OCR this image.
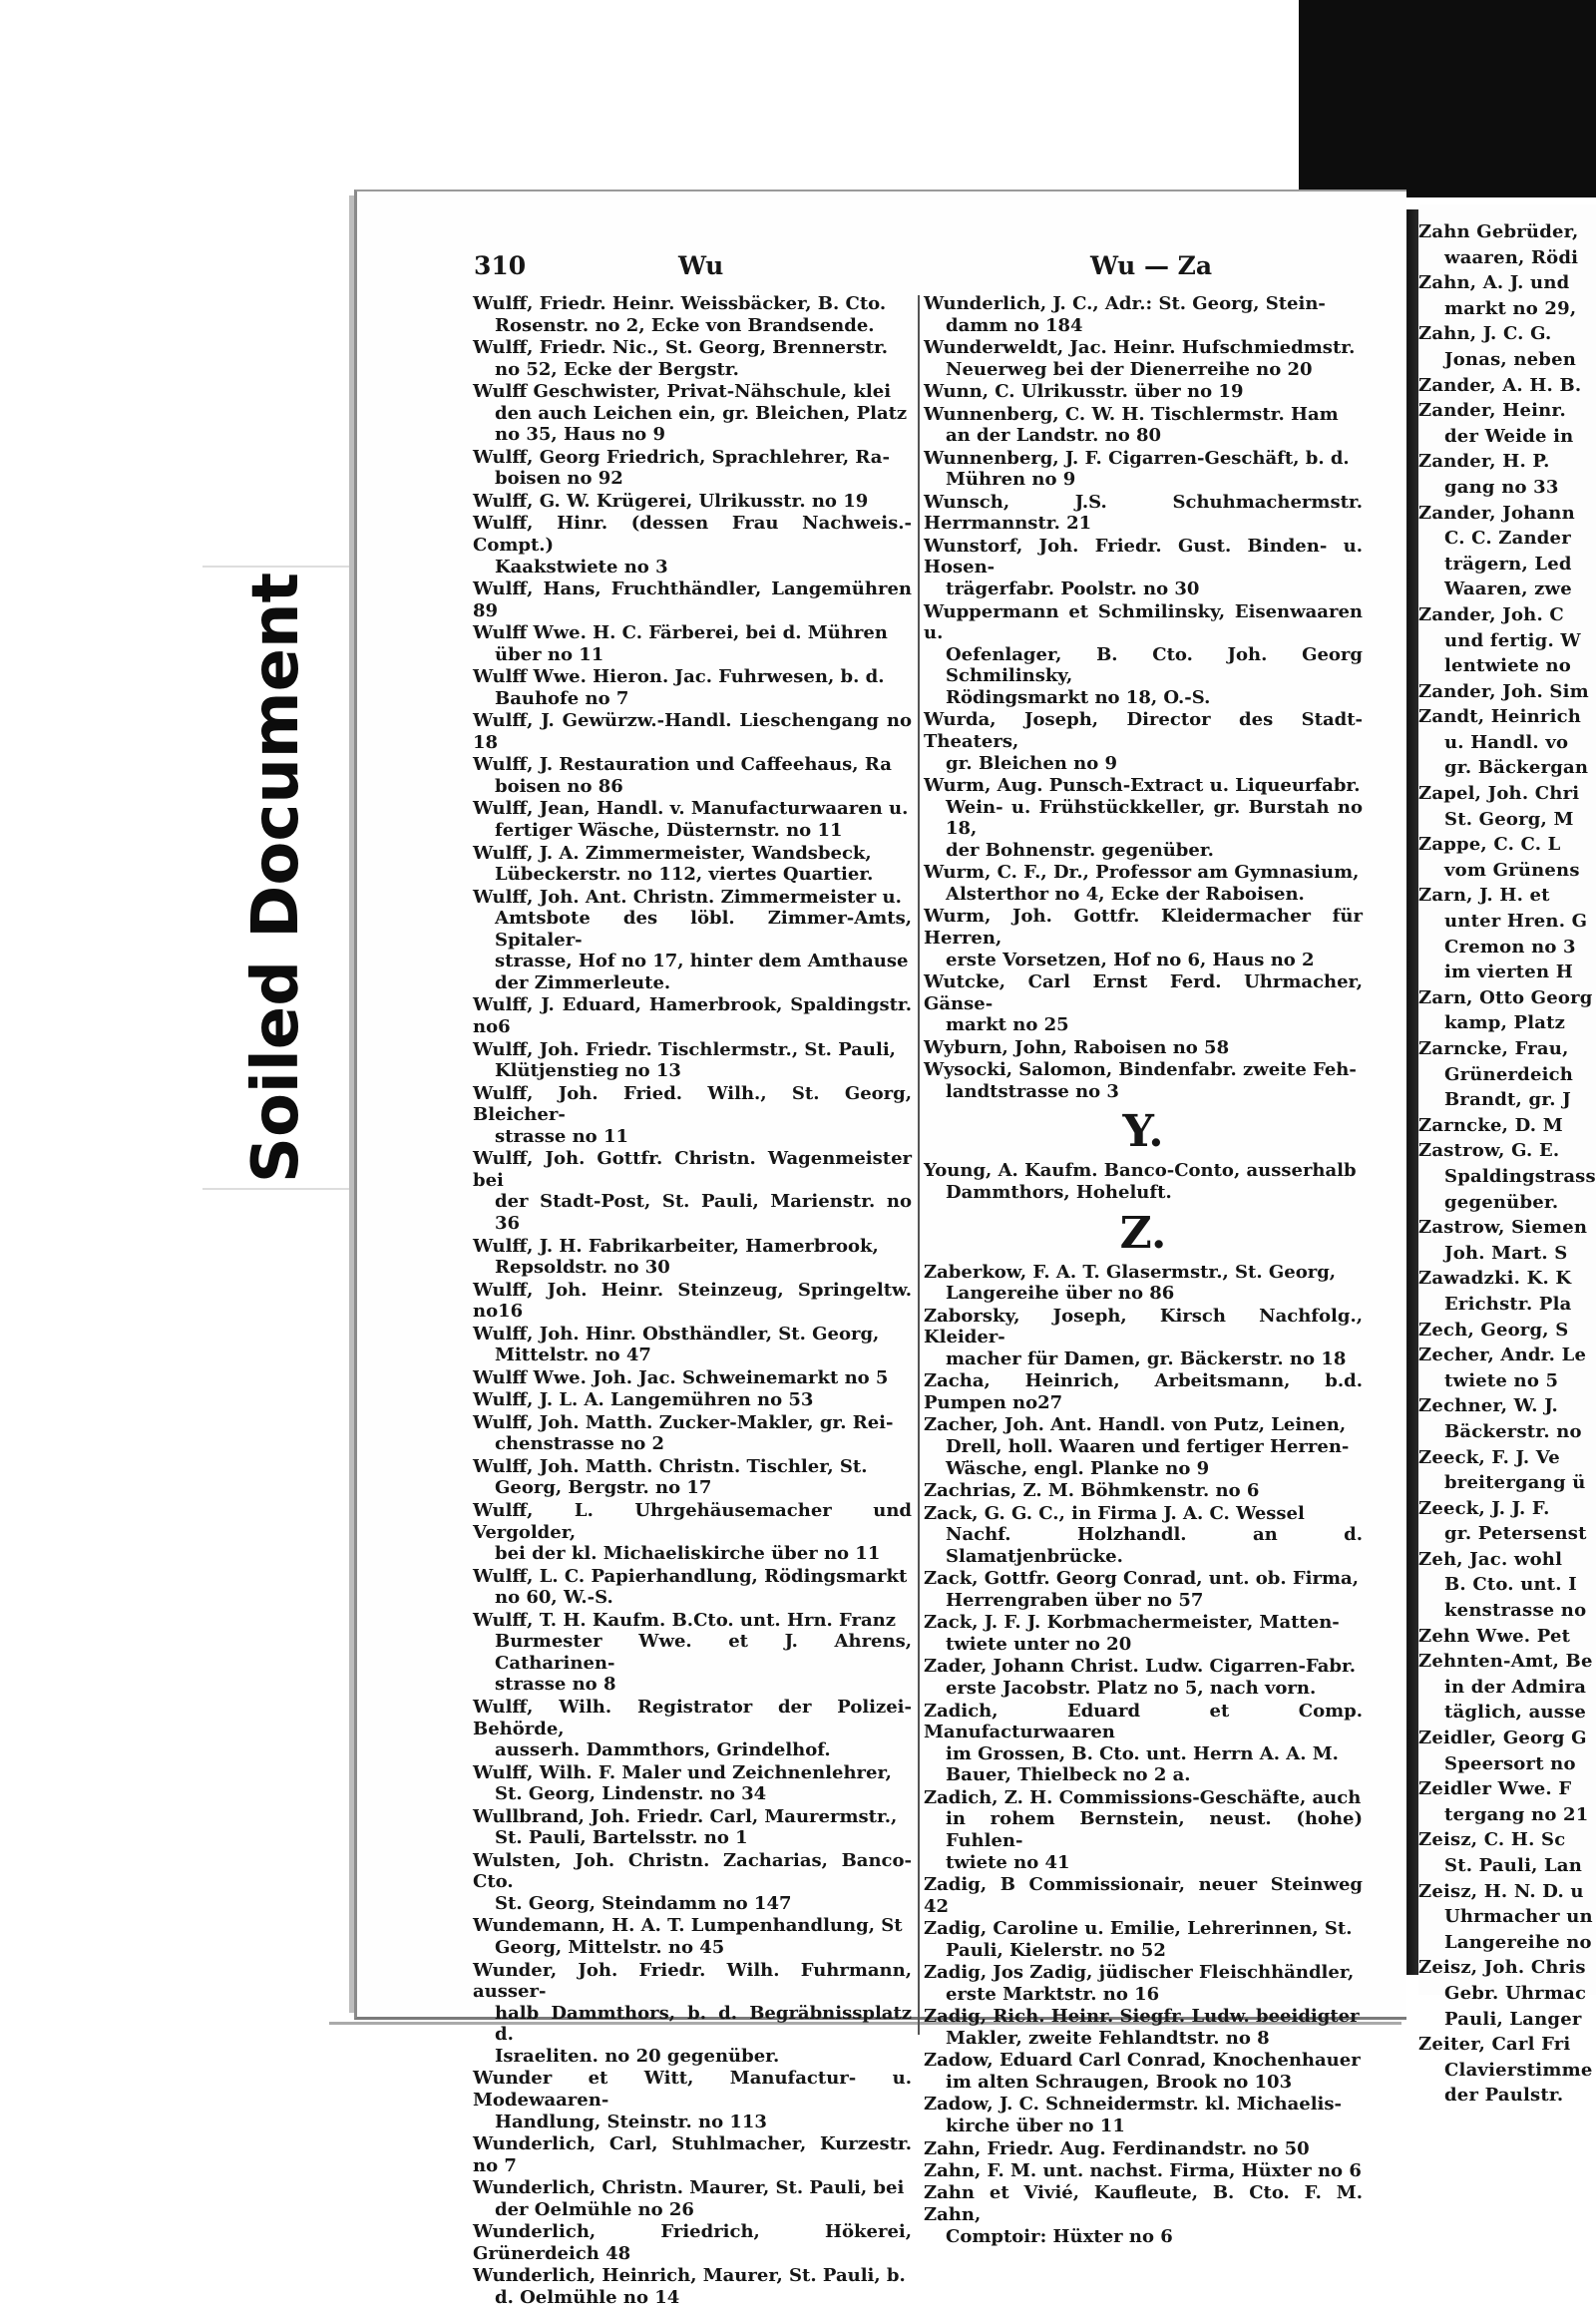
Zahn Gebrüder,
waaren, Rödi
Zahn, A. J. und
markt no 29,
Zahn, J. C. G.
Jonas, neben
Zander, A. H. B.
Zander, Heinr.
der Weide in
Zander, H. P.
gang no 33
Zander, Johann
C. C. Zander
trägern, Led
Waaren, zwe
Zander, Joh. C
und fertig. W
lentwiete no
Zander, Joh. Sim
Zandt, Heinrich
u. Handl. vo
gr. Bäckergan
Zapel, Joh. Chri
St. Georg, M
Zappe, C. C. L
vom Grünens
Zarn, J. H. et
unter Hren. G
Cremon no 3
im vierten H
Zarn, Otto Georg
kamp, Platz
Zarncke, Frau,
Grünerdeich
Brandt, gr. J
Zarncke, D. M
Zastrow, G. E.
Spaldingstrass
gegenüber.
Zastrow, Siemen
Joh. Mart. S
Zawadzki. K. K
Erichstr. Pla
Zech, Georg, S
Zecher, Andr. Le
twiete no 5
Zechner, W. J.
Bäckerstr. no
Zeeck, F. J. Ve
breitergang ü
Zeeck, J. J. F.
gr. Petersenst
Zeh, Jac. wohl
B. Cto. unt. I
kenstrasse no
Zehn Wwe. Pet
Zehnten-Amt, Be
in der Admira
täglich, ausse
Zeidler, Georg G
Speersort no
Zeidler Wwe. F
tergang no 21
Zeisz, C. H. Sc
St. Pauli, Lan
Zeisz, H. N. D. u
Uhrmacher un
Langereihe no
Zeisz, Joh. Chris
Gebr. Uhrmac
Pauli, Langer
Zeiter, Carl Fri
Clavierstimme
der Paulstr.
Soiled Document
310	Wu	Wu — Za
Wulff, Friedr. Heinr. Weissbäcker, B. Cto.
Rosenstr. no 2, Ecke von Brandsende.
Wulff, Friedr. Nic., St. Georg, Brennerstr.
no 52, Ecke der Bergstr.
Wulff Geschwister, Privat-Nähschule, klei
den auch Leichen ein, gr. Bleichen, Platz
no 35, Haus no 9
Wulff, Georg Friedrich, Sprachlehrer, Ra-
boisen no 92
Wulff, G. W. Krügerei, Ulrikusstr. no 19
Wulff, Hinr. (dessen Frau Nachweis.-Compt.)
Kaakstwiete no 3
Wulff, Hans, Fruchthändler, Langemühren 89
Wulff Wwe. H. C. Färberei, bei d. Mühren
über no 11
Wulff Wwe. Hieron. Jac. Fuhrwesen, b. d.
Bauhofe no 7
Wulff, J. Gewürzw.-Handl. Lieschengang no 18
Wulff, J. Restauration und Caffeehaus, Ra
boisen no 86
Wulff, Jean, Handl. v. Manufacturwaaren u.
fertiger Wäsche, Düsternstr. no 11
Wulff, J. A. Zimmermeister, Wandsbeck,
Lübeckerstr. no 112, viertes Quartier.
Wulff, Joh. Ant. Christn. Zimmermeister u.
Amtsbote des löbl. Zimmer-Amts, Spitaler-
strasse, Hof no 17, hinter dem Amthause
der Zimmerleute.
Wulff, J. Eduard, Hamerbrook, Spaldingstr. no6
Wulff, Joh. Friedr. Tischlermstr., St. Pauli,
Klütjenstieg no 13
Wulff, Joh. Fried. Wilh., St. Georg, Bleicher-
strasse no 11
Wulff, Joh. Gottfr. Christn. Wagenmeister bei
der Stadt-Post, St. Pauli, Marienstr. no 36
Wulff, J. H. Fabrikarbeiter, Hamerbrook,
Repsoldstr. no 30
Wulff, Joh. Heinr. Steinzeug, Springeltw. no16
Wulff, Joh. Hinr. Obsthändler, St. Georg,
Mittelstr. no 47
Wulff Wwe. Joh. Jac. Schweinemarkt no 5
Wulff, J. L. A. Langemühren no 53
Wulff, Joh. Matth. Zucker-Makler, gr. Rei-
chenstrasse no 2
Wulff, Joh. Matth. Christn. Tischler, St.
Georg, Bergstr. no 17
Wulff, L. Uhrgehäusemacher und Vergolder,
bei der kl. Michaeliskirche über no 11
Wulff, L. C. Papierhandlung, Rödingsmarkt
no 60, W.-S.
Wulff, T. H. Kaufm. B.Cto. unt. Hrn. Franz
Burmester Wwe. et J. Ahrens, Catharinen-
strasse no 8
Wulff, Wilh. Registrator der Polizei-Behörde,
ausserh. Dammthors, Grindelhof.
Wulff, Wilh. F. Maler und Zeichnenlehrer,
St. Georg, Lindenstr. no 34
Wullbrand, Joh. Friedr. Carl, Maurermstr.,
St. Pauli, Bartelsstr. no 1
Wulsten, Joh. Christn. Zacharias, Banco-Cto.
St. Georg, Steindamm no 147
Wundemann, H. A. T. Lumpenhandlung, St
Georg, Mittelstr. no 45
Wunder, Joh. Friedr. Wilh. Fuhrmann, ausser-
halb Dammthors, b. d. Begräbnissplatz d.
Israeliten. no 20 gegenüber.
Wunder et Witt, Manufactur- u. Modewaaren-
Handlung, Steinstr. no 113
Wunderlich, Carl, Stuhlmacher, Kurzestr. no 7
Wunderlich, Christn. Maurer, St. Pauli, bei
der Oelmühle no 26
Wunderlich, Friedrich, Hökerei, Grünerdeich 48
Wunderlich, Heinrich, Maurer, St. Pauli, b.
d. Oelmühle no 14
Wunderlich, J. C., Adr.: St. Georg, Stein-
damm no 184
Wunderweldt, Jac. Heinr. Hufschmiedmstr.
Neuerweg bei der Dienerreihe no 20
Wunn, C. Ulrikusstr. über no 19
Wunnenberg, C. W. H. Tischlermstr. Ham
an der Landstr. no 80
Wunnenberg, J. F. Cigarren-Geschäft, b. d.
Mühren no 9
Wunsch, J.S. Schuhmachermstr. Herrmannstr. 21
Wunstorf, Joh. Friedr. Gust. Binden- u. Hosen-
trägerfabr. Poolstr. no 30
Wuppermann et Schmilinsky, Eisenwaaren u.
Oefenlager, B. Cto. Joh. Georg Schmilinsky,
Rödingsmarkt no 18, O.-S.
Wurda, Joseph, Director des Stadt-Theaters,
gr. Bleichen no 9
Wurm, Aug. Punsch-Extract u. Liqueurfabr.
Wein- u. Frühstückkeller, gr. Burstah no 18,
der Bohnenstr. gegenüber.
Wurm, C. F., Dr., Professor am Gymnasium,
Alsterthor no 4, Ecke der Raboisen.
Wurm, Joh. Gottfr. Kleidermacher für Herren,
erste Vorsetzen, Hof no 6, Haus no 2
Wutcke, Carl Ernst Ferd. Uhrmacher, Gänse-
markt no 25
Wyburn, John, Raboisen no 58
Wysocki, Salomon, Bindenfabr. zweite Feh-
landtstrasse no 3
Y.
Young, A. Kaufm. Banco-Conto, ausserhalb
Dammthors, Hoheluft.
Z.
Zaberkow, F. A. T. Glasermstr., St. Georg,
Langereihe über no 86
Zaborsky, Joseph, Kirsch Nachfolg., Kleider-
macher für Damen, gr. Bäckerstr. no 18
Zacha, Heinrich, Arbeitsmann, b.d. Pumpen no27
Zacher, Joh. Ant. Handl. von Putz, Leinen,
Drell, holl. Waaren und fertiger Herren-
Wäsche, engl. Planke no 9
Zachrias, Z. M. Böhmkenstr. no 6
Zack, G. G. C., in Firma J. A. C. Wessel
Nachf. Holzhandl. an d. Slamatjenbrücke.
Zack, Gottfr. Georg Conrad, unt. ob. Firma,
Herrengraben über no 57
Zack, J. F. J. Korbmachermeister, Matten-
twiete unter no 20
Zader, Johann Christ. Ludw. Cigarren-Fabr.
erste Jacobstr. Platz no 5, nach vorn.
Zadich, Eduard et Comp. Manufacturwaaren
im Grossen, B. Cto. unt. Herrn A. A. M.
Bauer, Thielbeck no 2 a.
Zadich, Z. H. Commissions-Geschäfte, auch
in rohem Bernstein, neust. (hohe) Fuhlen-
twiete no 41
Zadig, B Commissionair, neuer Steinweg 42
Zadig, Caroline u. Emilie, Lehrerinnen, St.
Pauli, Kielerstr. no 52
Zadig, Jos Zadig, jüdischer Fleischhändler,
erste Marktstr. no 16
Zadig, Rich. Heinr. Siegfr. Ludw. beeidigter
Makler, zweite Fehlandtstr. no 8
Zadow, Eduard Carl Conrad, Knochenhauer
im alten Schraugen, Brook no 103
Zadow, J. C. Schneidermstr. kl. Michaelis-
kirche über no 11
Zahn, Friedr. Aug. Ferdinandstr. no 50
Zahn, F. M. unt. nachst. Firma, Hüxter no 6
Zahn et Vivié, Kaufleute, B. Cto. F. M. Zahn,
Comptoir: Hüxter no 6
